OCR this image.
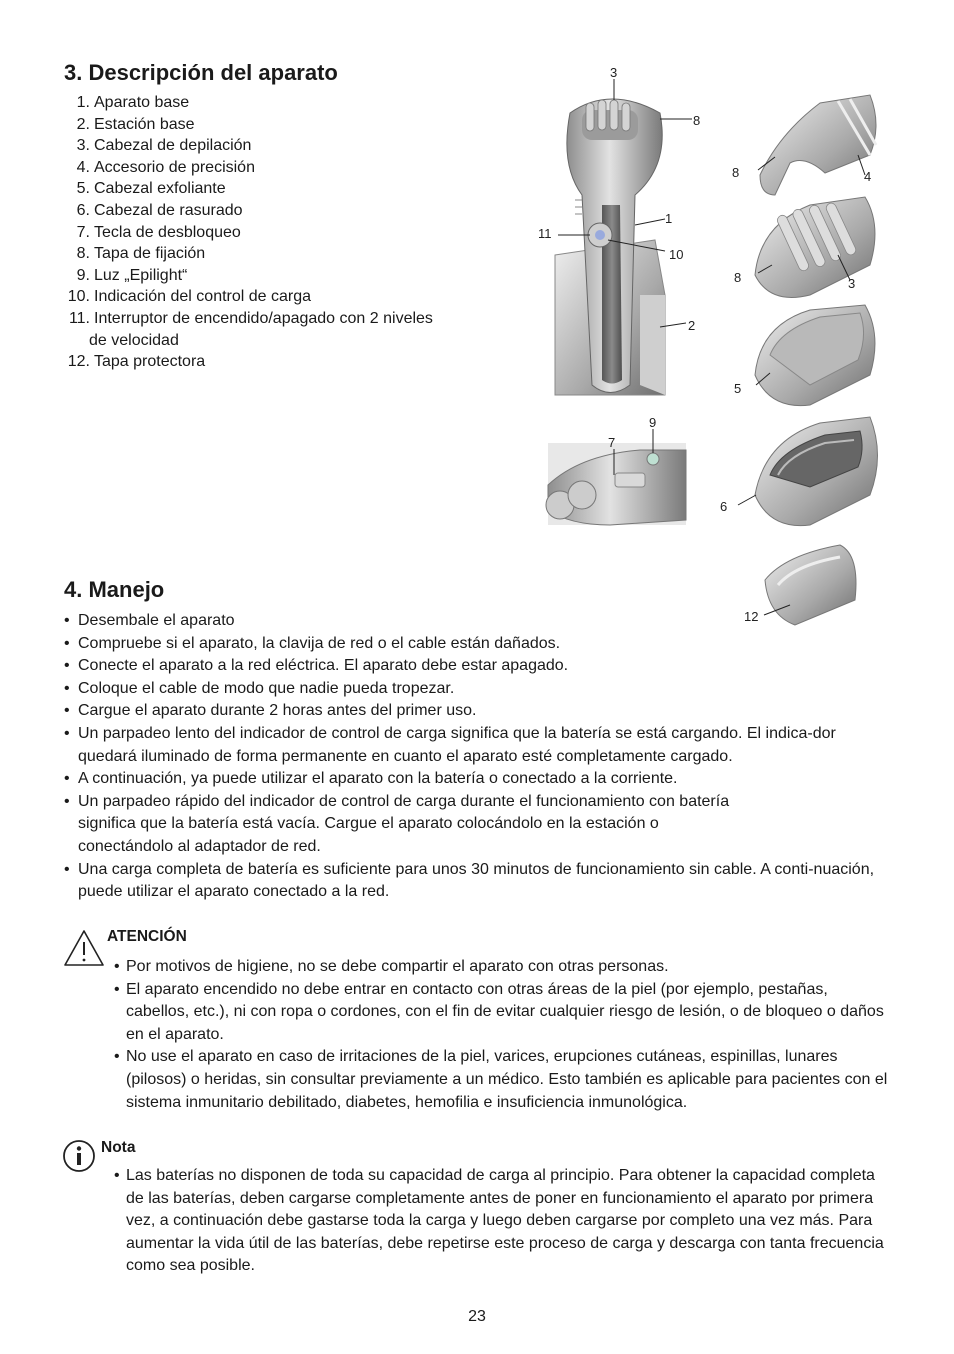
3. Descripción del aparato
1. Aparato base
2. Estación base
3. Cabezal de depilación
4. Accesorio de precisión
5. Cabezal exfoliante
6. Cabezal de rasurado
7. Tecla de desbloqueo
8. Tapa de fijación
9. Luz „Epilight“
10. Indicación del control de carga
11. Interruptor de encendido/apagado con 2 niveles
de velocidad
12. Tapa protectora
3
8
1
11
10
2
8	4
8	3
5
9
7
6
12
4. Manejo
• Desembale el aparato
• Compruebe si el aparato, la clavija de red o el cable están dañados.
• Conecte el aparato a la red eléctrica. El aparato debe estar apagado.
• Coloque el cable de modo que nadie pueda tropezar.
• Cargue el aparato durante 2 horas antes del primer uso.
• Un parpadeo lento del indicador de control de carga significa que la batería se está cargando. El indica-dor quedará iluminado de forma permanente en cuanto el aparato esté completamente cargado.
• A continuación, ya puede utilizar el aparato con la batería o conectado a la corriente.
• Un parpadeo rápido del indicador de control de carga durante el funcionamiento con batería significa que la batería está vacía. Cargue el aparato colocándolo en la estación o conectándolo al adaptador de red.
• Una carga completa de batería es suficiente para unos 30 minutos de funcionamiento sin cable. A conti-nuación, puede utilizar el aparato conectado a la red.
ATENCIÓN
• Por motivos de higiene, no se debe compartir el aparato con otras personas.
• El aparato encendido no debe entrar en contacto con otras áreas de la piel (por ejemplo, pestañas, cabellos, etc.), ni con ropa o cordones, con el fin de evitar cualquier riesgo de lesión, o de bloqueo o daños en el aparato.
• No use el aparato en caso de irritaciones de la piel, varices, erupciones cutáneas, espinillas, lunares (pilosos) o heridas, sin consultar previamente a un médico. Esto también es aplicable para pacientes con el sistema inmunitario debilitado, diabetes, hemofilia e insuficiencia inmunológica.
Nota
• Las baterías no disponen de toda su capacidad de carga al principio. Para obtener la capacidad completa de las baterías, deben cargarse completamente antes de poner en funcionamiento el aparato por primera vez, a continuación debe gastarse toda la carga y luego deben cargarse por completo una vez más. Para aumentar la vida útil de las baterías, debe repetirse este proceso de carga y descarga con tanta frecuencia como sea posible.
23
